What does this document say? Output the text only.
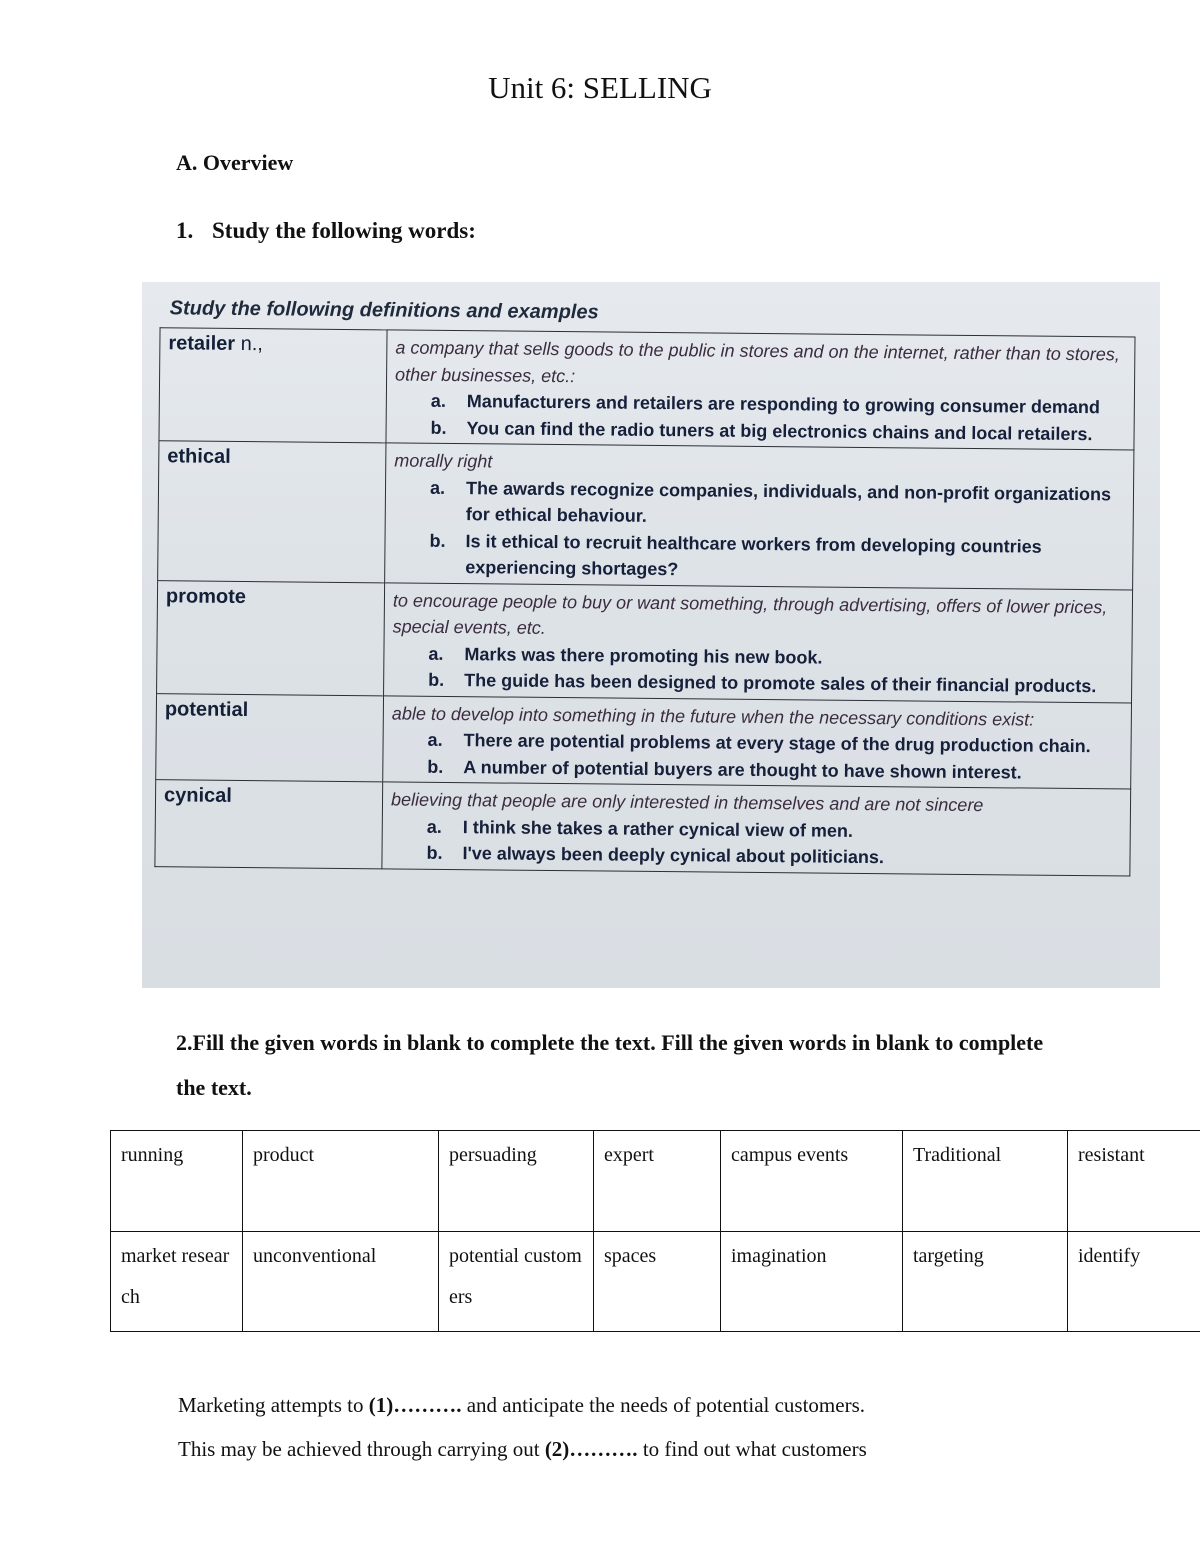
Unit 6: SELLING
A. Overview
1. Study the following words:
Study the following definitions and examples
retailer n.,	a company that sells goods to the public in stores and on the internet, rather than to stores, other businesses, etc.:
a. Manufacturers and retailers are responding to growing consumer demand
b. You can find the radio tuners at big electronics chains and local retailers.

ethical	morally right
a. The awards recognize companies, individuals, and non-profit organizations for ethical behaviour.
b. Is it ethical to recruit healthcare workers from developing countries experiencing shortages?

promote	to encourage people to buy or want something, through advertising, offers of lower prices, special events, etc.
a. Marks was there promoting his new book.
b. The guide has been designed to promote sales of their financial products.

potential	able to develop into something in the future when the necessary conditions exist:
a. There are potential problems at every stage of the drug production chain.
b. A number of potential buyers are thought to have shown interest.

cynical	believing that people are only interested in themselves and are not sincere
a. I think she takes a rather cynical view of men.
b. I've always been deeply cynical about politicians.
2.Fill the given words in blank to complete the text. Fill the given words in blank to complete the text.
running	product	persuading	expert	campus events	Traditional	resistant
market research	unconventional	potential customers	spaces	imagination	targeting	identify

Marketing attempts to (1)………. and anticipate the needs of potential customers.

This may be achieved through carrying out (2)………. to find out what customers
